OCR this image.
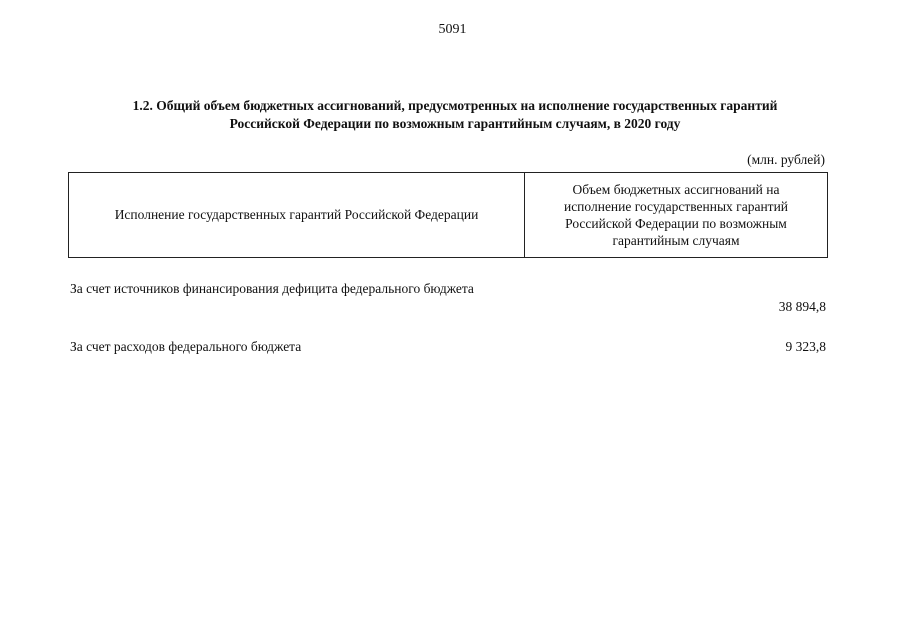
5091
1.2. Общий объем бюджетных ассигнований, предусмотренных на исполнение государственных гарантий
Российской Федерации по возможным гарантийным случаям, в 2020 году
(млн. рублей)
Исполнение государственных гарантий Российской Федерации
Объем бюджетных ассигнований на исполнение государственных гарантий Российской Федерации по возможным гарантийным случаям
За счет источников финансирования дефицита федерального бюджета
38 894,8
За счет расходов федерального бюджета	9 323,8
